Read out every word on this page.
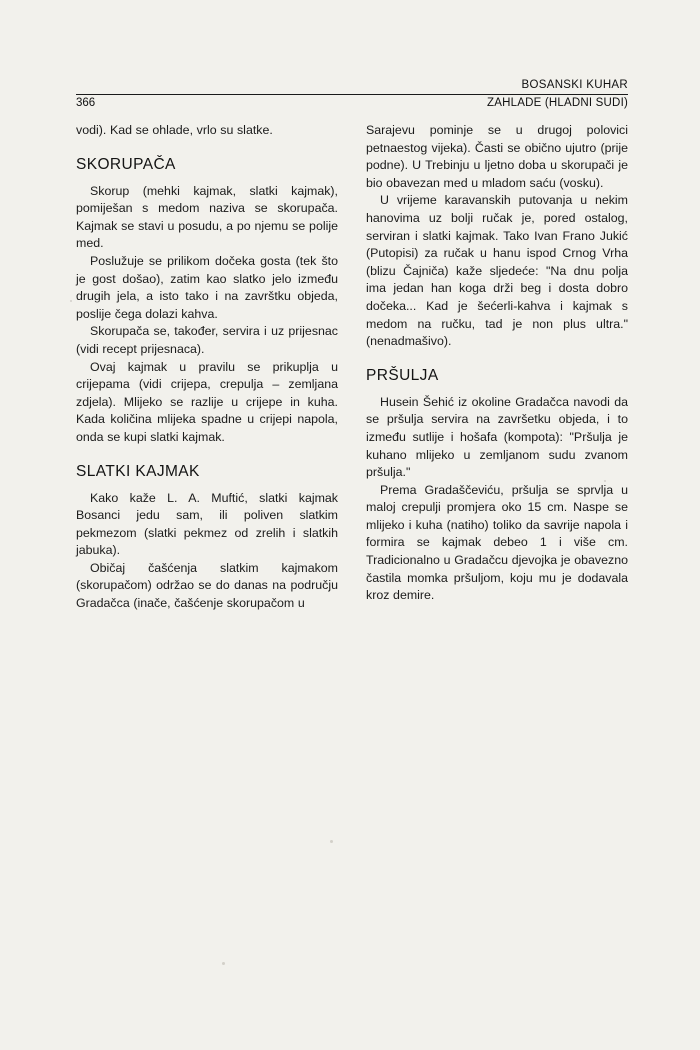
BOSANSKI KUHAR
366	ZAHLADE (HLADNI SUDI)

vodi). Kad se ohlade, vrlo su slatke.

SKORUPAČA

Skorup (mehki kajmak, slatki kajmak), pomiješan s medom naziva se skorupača. Kajmak se stavi u posudu, a po njemu se polije med.

Poslužuje se prilikom dočeka gosta (tek što je gost došao), zatim kao slatko jelo između drugih jela, a isto tako i na završtku objeda, poslije čega dolazi kahva.

Skorupača se, također, servira i uz prijesnac (vidi recept prijesnaca).

Ovaj kajmak u pravilu se prikuplja u crijepama (vidi crijepa, crepulja – zemljana zdjela). Mlijeko se razlije u crijepe in kuha. Kada količina mlijeka spadne u crijepi napola, onda se kupi slatki kajmak.

SLATKI KAJMAK

Kako kaže L. A. Muftić, slatki kajmak Bosanci jedu sam, ili poliven slatkim pekmezom (slatki pekmez od zrelih i slatkih jabuka).

Običaj čašćenja slatkim kajmakom (skorupačom) održao se do danas na području Gradačca (inače, čašćenje skorupačom u

Sarajevu pominje se u drugoj polovici petnaestog vijeka). Časti se obično ujutro (prije podne). U Trebinju u ljetno doba u skorupači je bio obavezan med u mladom saću (vosku).

U vrijeme karavanskih putovanja u nekim hanovima uz bolji ručak je, pored ostalog, serviran i slatki kajmak. Tako Ivan Frano Jukić (Putopisi) za ručak u hanu ispod Crnog Vrha (blizu Čajniča) kaže sljedeće: "Na dnu polja ima jedan han koga drži beg i dosta dobro dočeka... Kad je šećerli-kahva i kajmak s medom na ručku, tad je non plus ultra." (nenadmašivo).

PRŠULJA

Husein Šehić iz okoline Gradačca navodi da se pršulja servira na završetku objeda, i to između sutlije i hošafa (kompota): "Pršulja je kuhano mlijeko u zemljanom sudu zvanom pršulja."

Prema Gradaščeviću, pršulja se sprvlja u maloj crepulji promjera oko 15 cm. Naspe se mlijeko i kuha (natiho) toliko da savrije napola i formira se kajmak debeo 1 i više cm. Tradicionalno u Gradačcu djevojka je obavezno častila momka pršuljom, koju mu je dodavala kroz demire.
